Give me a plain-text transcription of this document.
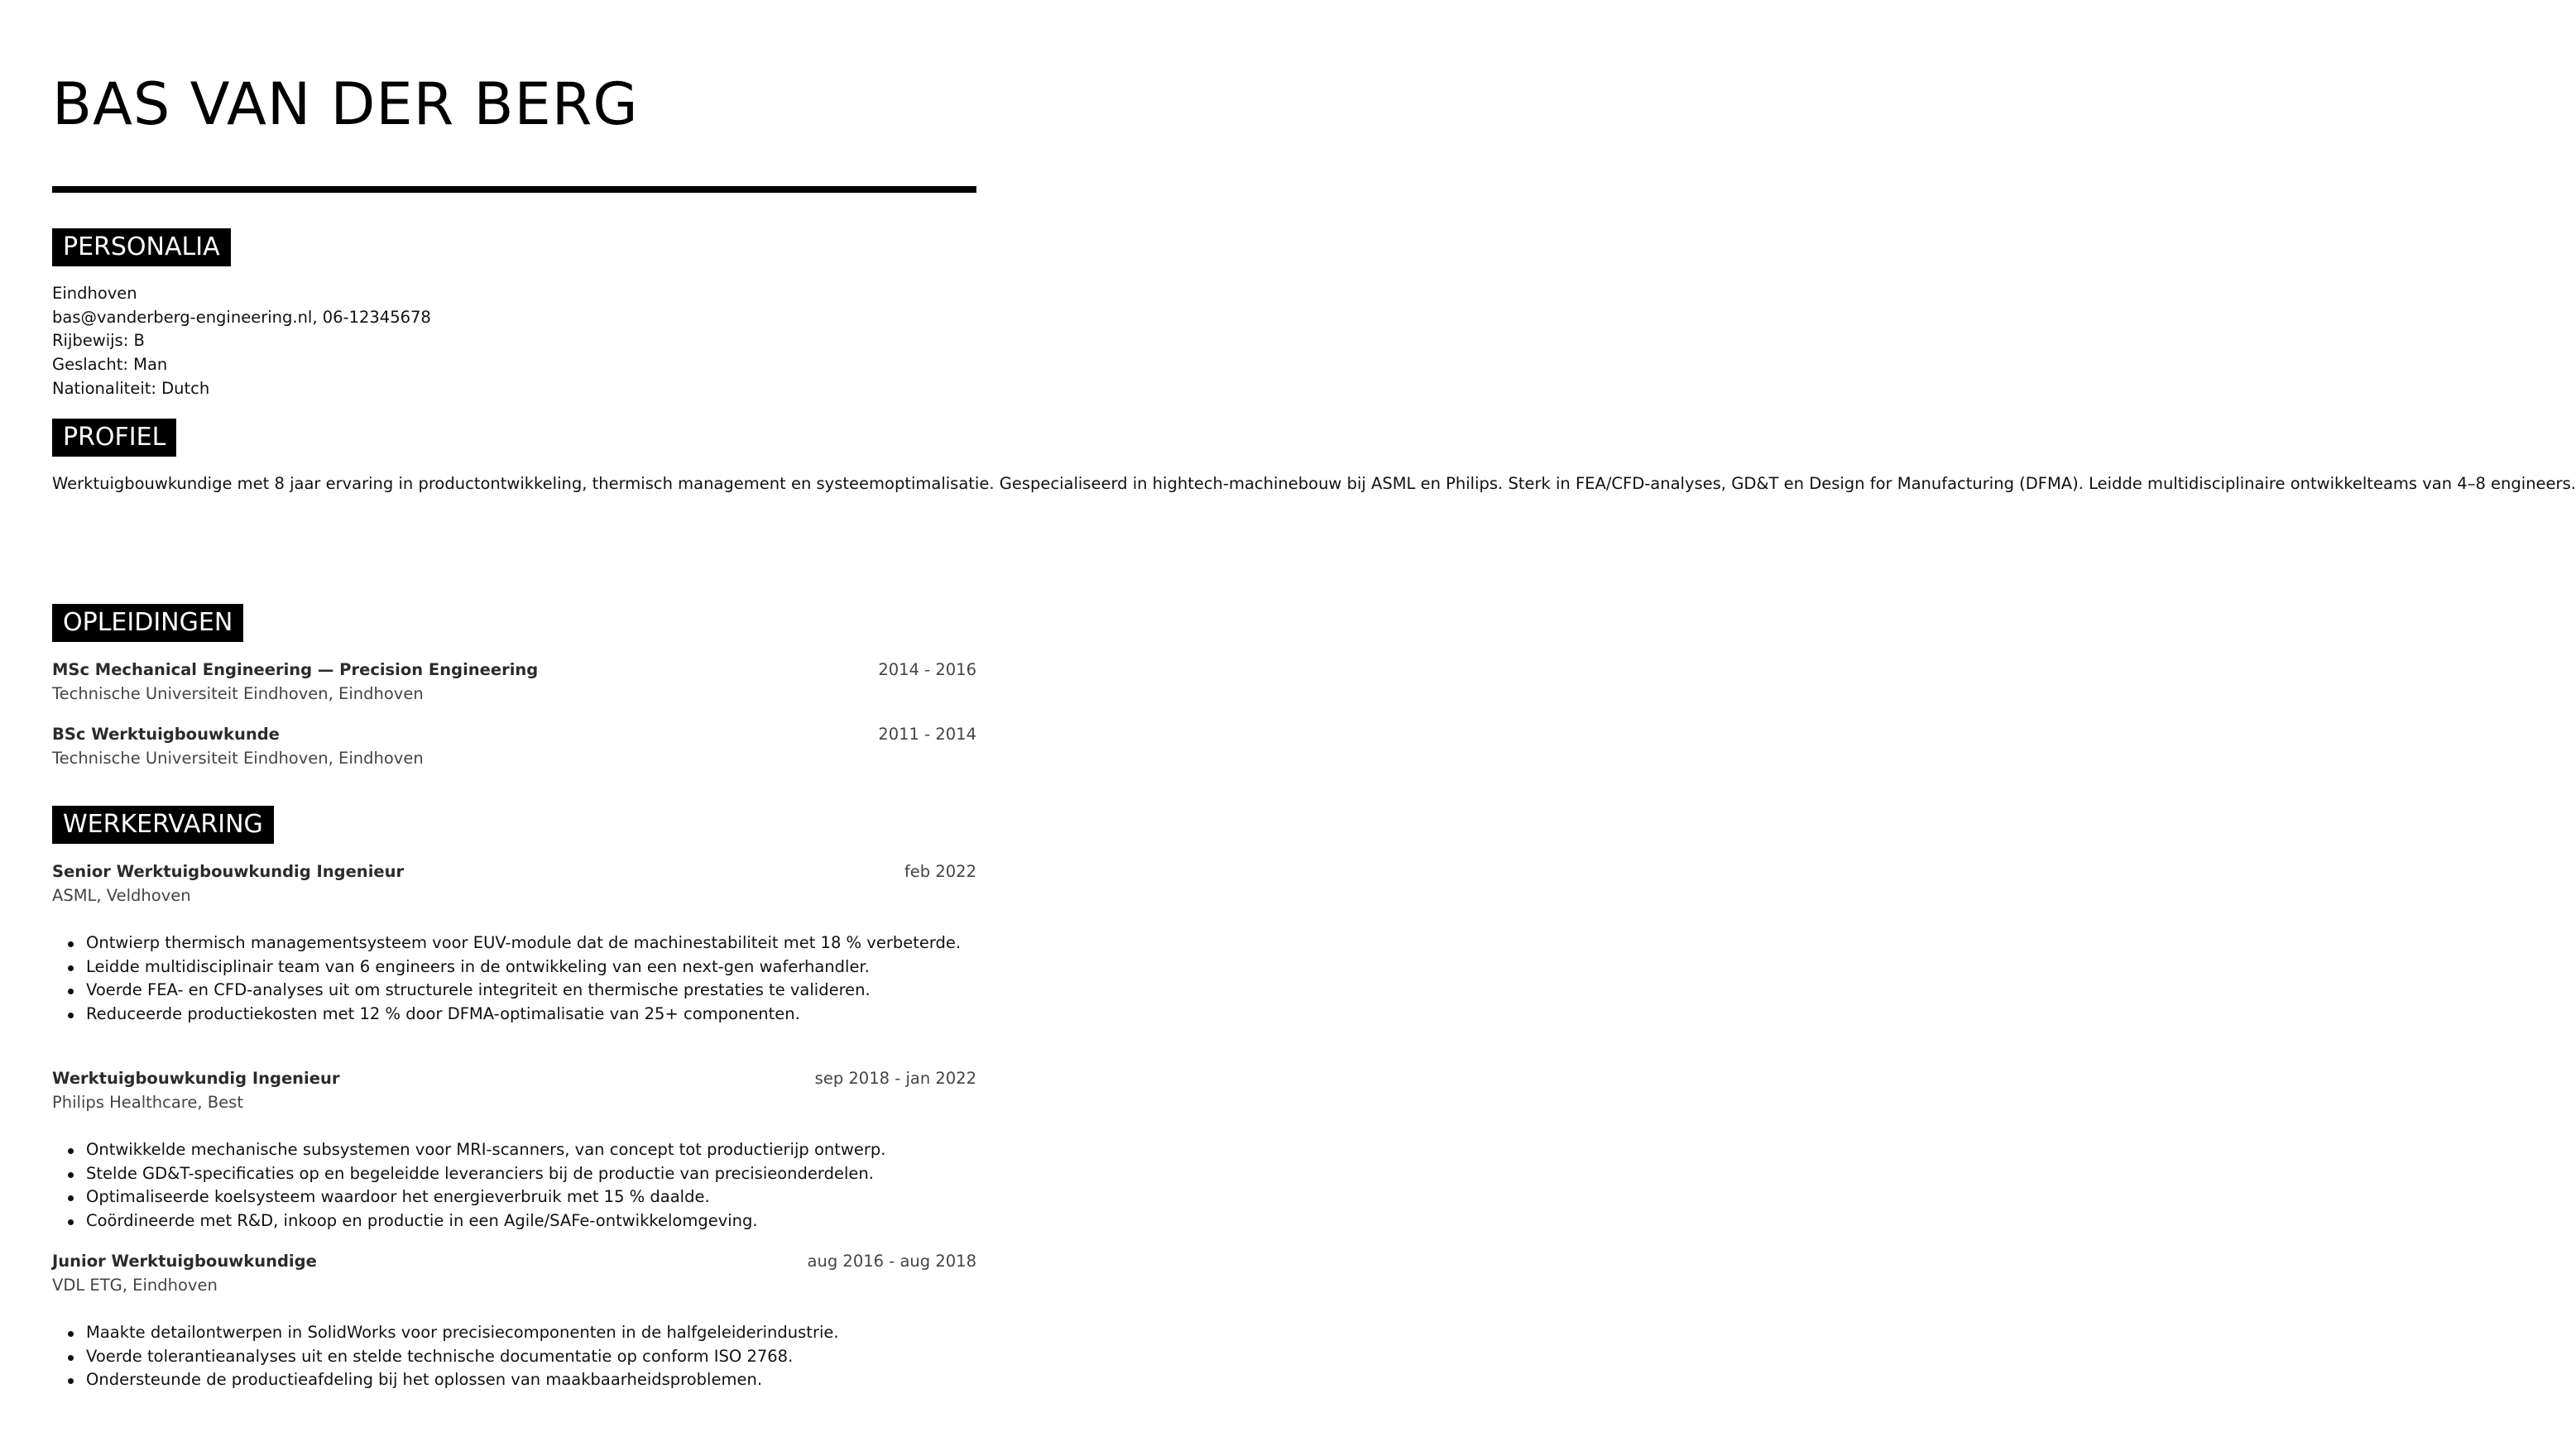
BAS VAN DER BERG
PERSONALIA
Eindhoven
bas@vanderberg-engineering.nl, 06-12345678
Rijbewijs: B
Geslacht: Man
Nationaliteit: Dutch
PROFIEL
Werktuigbouwkundige met 8 jaar ervaring in productontwikkeling, thermisch management en systeemoptimalisatie. Gespecialiseerd in hightech-machinebouw bij ASML en Philips. Sterk in FEA/CFD-analyses, GD&T en Design for Manufacturing (DFMA). Leidde multidisciplinaire ontwikkelteams van 4–8 engineers.
OPLEIDINGEN
MSc Mechanical Engineering — Precision Engineering	2014 - 2016
Technische Universiteit Eindhoven, Eindhoven
BSc Werktuigbouwkunde	2011 - 2014
Technische Universiteit Eindhoven, Eindhoven
WERKERVARING
Senior Werktuigbouwkundig Ingenieur	feb 2022
ASML, Veldhoven
Ontwierp thermisch managementsysteem voor EUV-module dat de machinestabiliteit met 18 % verbeterde.
Leidde multidisciplinair team van 6 engineers in de ontwikkeling van een next-gen waferhandler.
Voerde FEA- en CFD-analyses uit om structurele integriteit en thermische prestaties te valideren.
Reduceerde productiekosten met 12 % door DFMA-optimalisatie van 25+ componenten.
Werktuigbouwkundig Ingenieur	sep 2018 - jan 2022
Philips Healthcare, Best
Ontwikkelde mechanische subsystemen voor MRI-scanners, van concept tot productierijp ontwerp.
Stelde GD&T-specificaties op en begeleidde leveranciers bij de productie van precisieonderdelen.
Optimaliseerde koelsysteem waardoor het energieverbruik met 15 % daalde.
Coördineerde met R&D, inkoop en productie in een Agile/SAFe-ontwikkelomgeving.
Junior Werktuigbouwkundige	aug 2016 - aug 2018
VDL ETG, Eindhoven
Maakte detailontwerpen in SolidWorks voor precisiecomponenten in de halfgeleiderindustrie.
Voerde tolerantieanalyses uit en stelde technische documentatie op conform ISO 2768.
Ondersteunde de productieafdeling bij het oplossen van maakbaarheidsproblemen.
